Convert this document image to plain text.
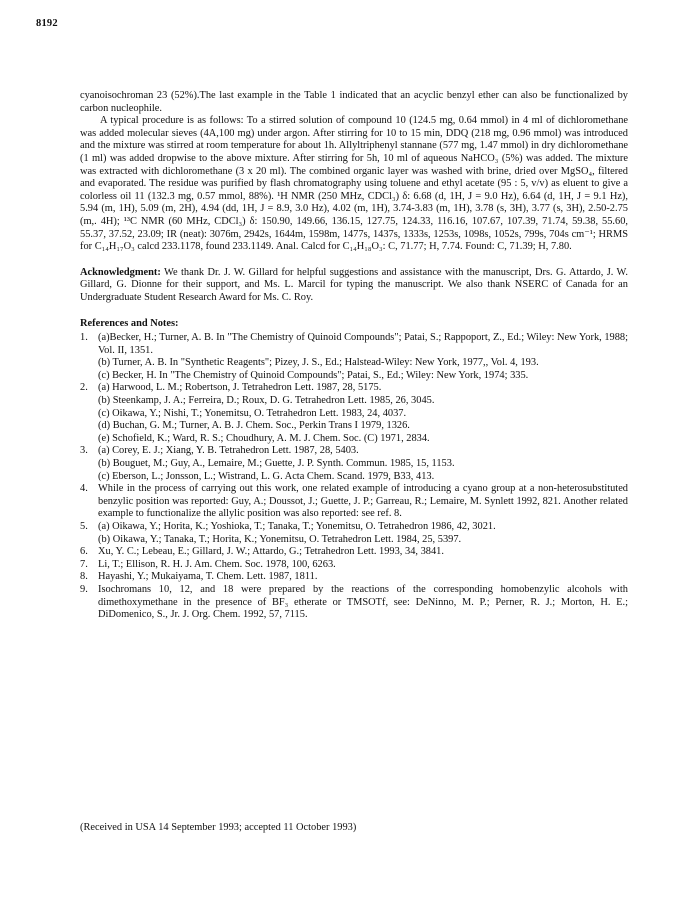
8192

cyanoisochroman 23 (52%).The last example in the Table 1 indicated that an acyclic benzyl ether can also be functionalized by carbon nucleophile.

A typical procedure is as follows: To a stirred solution of compound 10 (124.5 mg, 0.64 mmol) in 4 ml of dichloromethane was added molecular sieves (4A,100 mg) under argon. After stirring for 10 to 15 min, DDQ (218 mg, 0.96 mmol) was introduced and the mixture was stirred at room temperature for about 1h. Allyltriphenyl stannane (577 mg, 1.47 mmol) in dry dichloromethane (1 ml) was added dropwise to the above mixture. After stirring for 5h, 10 ml of aqueous NaHCO₃ (5%) was added. The mixture was extracted with dichloromethane (3 x 20 ml). The combined organic layer was washed with brine, dried over MgSO₄, filtered and evaporated. The residue was purified by flash chromatography using toluene and ethyl acetate (95 : 5, v/v) as eluent to give a colorless oil 11 (132.3 mg, 0.57 mmol, 88%). ¹H NMR (250 MHz, CDCl₃) δ: 6.68 (d, 1H, J = 9.0 Hz), 6.64 (d, 1H, J = 9.1 Hz), 5.94 (m, 1H), 5.09 (m, 2H), 4.94 (dd, 1H, J = 8.9, 3.0 Hz), 4.02 (m, 1H), 3.74-3.83 (m, 1H), 3.78 (s, 3H), 3.77 (s, 3H), 2.50-2.75 (m,. 4H); ¹³C NMR (60 MHz, CDCl₃) δ: 150.90, 149.66, 136.15, 127.75, 124.33, 116.16, 107.67, 107.39, 71.74, 59.38, 55.60, 55.37, 37.52, 23.09; IR (neat): 3076m, 2942s, 1644m, 1598m, 1477s, 1437s, 1333s, 1253s, 1098s, 1052s, 799s, 704s cm⁻¹; HRMS for C₁₄H₁₇O₃ calcd 233.1178, found 233.1149. Anal. Calcd for C₁₄H₁₈O₃: C, 71.77; H, 7.74. Found: C, 71.39; H, 7.80.

Acknowledgment: We thank Dr. J. W. Gillard for helpful suggestions and assistance with the manuscript, Drs. G. Attardo, J. W. Gillard, G. Dionne for their support, and Ms. L. Marcil for typing the manuscript. We also thank NSERC of Canada for an Undergraduate Student Research Award for Ms. C. Roy.

References and Notes:

1. (a)Becker, H.; Turner, A. B. In "The Chemistry of Quinoid Compounds"; Patai, S.; Rappoport, Z., Ed.; Wiley: New York, 1988; Vol. II, 1351.
(b) Turner, A. B. In "Synthetic Reagents"; Pizey, J. S., Ed.; Halstead-Wiley: New York, 1977,, Vol. 4, 193.
(c) Becker, H. In "The Chemistry of Quinoid Compounds"; Patai, S., Ed.; Wiley: New York, 1974; 335.
2. (a) Harwood, L. M.; Robertson, J. Tetrahedron Lett. 1987, 28, 5175.
(b) Steenkamp, J. A.; Ferreira, D.; Roux, D. G. Tetrahedron Lett. 1985, 26, 3045.
(c) Oikawa, Y.; Nishi, T.; Yonemitsu, O. Tetrahedron Lett. 1983, 24, 4037.
(d) Buchan, G. M.; Turner, A. B. J. Chem. Soc., Perkin Trans I 1979, 1326.
(e) Schofield, K.; Ward, R. S.; Choudhury, A. M. J. Chem. Soc. (C) 1971, 2834.
3. (a) Corey, E. J.; Xiang, Y. B. Tetrahedron Lett. 1987, 28, 5403.
(b) Bouguet, M.; Guy, A., Lemaire, M.; Guette, J. P. Synth. Commun. 1985, 15, 1153.
(c) Eberson, L.; Jonsson, L.; Wistrand, L. G. Acta Chem. Scand. 1979, B33, 413.
4. While in the process of carrying out this work, one related example of introducing a cyano group at a non-heterosubstituted benzylic position was reported: Guy, A.; Doussot, J.; Guette, J. P.; Garreau, R.; Lemaire, M. Synlett 1992, 821. Another related example to functionalize the allylic position was also reported: see ref. 8.
5. (a) Oikawa, Y.; Horita, K.; Yoshioka, T.; Tanaka, T.; Yonemitsu, O. Tetrahedron 1986, 42, 3021.
(b) Oikawa, Y.; Tanaka, T.; Horita, K.; Yonemitsu, O. Tetrahedron Lett. 1984, 25, 5397.
6. Xu, Y. C.; Lebeau, E.; Gillard, J. W.; Attardo, G.; Tetrahedron Lett. 1993, 34, 3841.
7. Li, T.; Ellison, R. H. J. Am. Chem. Soc. 1978, 100, 6263.
8. Hayashi, Y.; Mukaiyama, T. Chem. Lett. 1987, 1811.
9. Isochromans 10, 12, and 18 were prepared by the reactions of the corresponding homobenzylic alcohols with dimethoxymethane in the presence of BF₃ etherate or TMSOTf, see: DeNinno, M. P.; Perner, R. J.; Morton, H. E.; DiDomenico, S., Jr. J. Org. Chem. 1992, 57, 7115.
(Received in USA 14 September 1993; accepted 11 October 1993)
